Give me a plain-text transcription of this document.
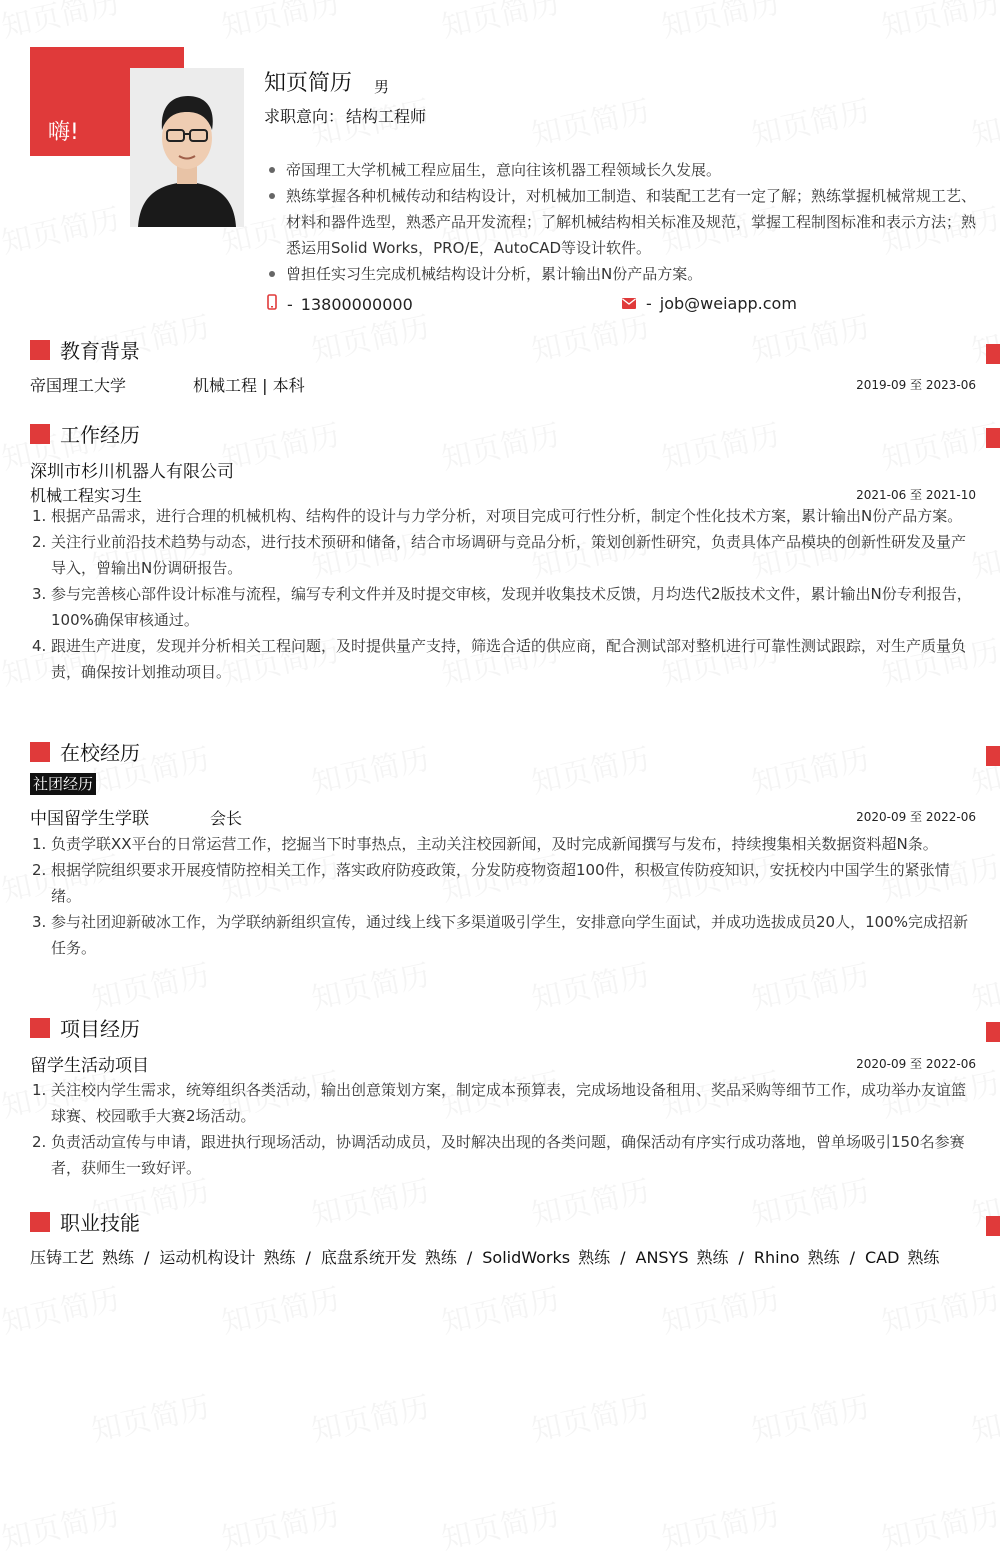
嗨!
知页简历 男
求职意向： 结构工程师
帝国理工大学机械工程应届生，意向往该机器工程领域长久发展。
熟练掌握各种机械传动和结构设计，对机械加工制造、和装配工艺有一定了解；熟练掌握机械常规工艺、材料和器件选型，熟悉产品开发流程；了解机械结构相关标准及规范，掌握工程制图标准和表示方法；熟悉运用Solid Works，PRO/E，AutoCAD等设计软件。
曾担任实习生完成机械结构设计分析，累计输出N份产品方案。
- 13800000000	- job@weiapp.com
教育背景
帝国理工大学	机械工程 | 本科	2019-09 至 2023-06
工作经历
深圳市杉川机器人有限公司
机械工程实习生	2021-06 至 2021-10
1. 根据产品需求，进行合理的机械机构、结构件的设计与力学分析，对项目完成可行性分析，制定个性化技术方案，累计输出N份产品方案。
2. 关注行业前沿技术趋势与动态，进行技术预研和储备，结合市场调研与竞品分析，策划创新性研究，负责具体产品模块的创新性研发及量产导入，曾输出N份调研报告。
3. 参与完善核心部件设计标准与流程，编写专利文件并及时提交审核，发现并收集技术反馈，月均迭代2版技术文件，累计输出N份专利报告，100%确保审核通过。
4. 跟进生产进度，发现并分析相关工程问题，及时提供量产支持，筛选合适的供应商，配合测试部对整机进行可靠性测试跟踪，对生产质量负责，确保按计划推动项目。
在校经历
社团经历
中国留学生学联	会长	2020-09 至 2022-06
1. 负责学联XX平台的日常运营工作，挖掘当下时事热点，主动关注校园新闻，及时完成新闻撰写与发布，持续搜集相关数据资料超N条。
2. 根据学院组织要求开展疫情防控相关工作，落实政府防疫政策，分发防疫物资超100件，积极宣传防疫知识，安抚校内中国学生的紧张情绪。
3. 参与社团迎新破冰工作，为学联纳新组织宣传，通过线上线下多渠道吸引学生，安排意向学生面试，并成功选拔成员20人，100%完成招新任务。
项目经历
留学生活动项目	2020-09 至 2022-06
1. 关注校内学生需求，统筹组织各类活动，输出创意策划方案，制定成本预算表，完成场地设备租用、奖品采购等细节工作，成功举办友谊篮球赛、校园歌手大赛2场活动。
2. 负责活动宣传与申请，跟进执行现场活动，协调活动成员，及时解决出现的各类问题，确保活动有序实行成功落地，曾单场吸引150名参赛者，获师生一致好评。
职业技能
压铸工艺 熟练 / 运动机构设计 熟练 / 底盘系统开发 熟练 / SolidWorks 熟练 / ANSYS 熟练 / Rhino 熟练 / CAD 熟练
